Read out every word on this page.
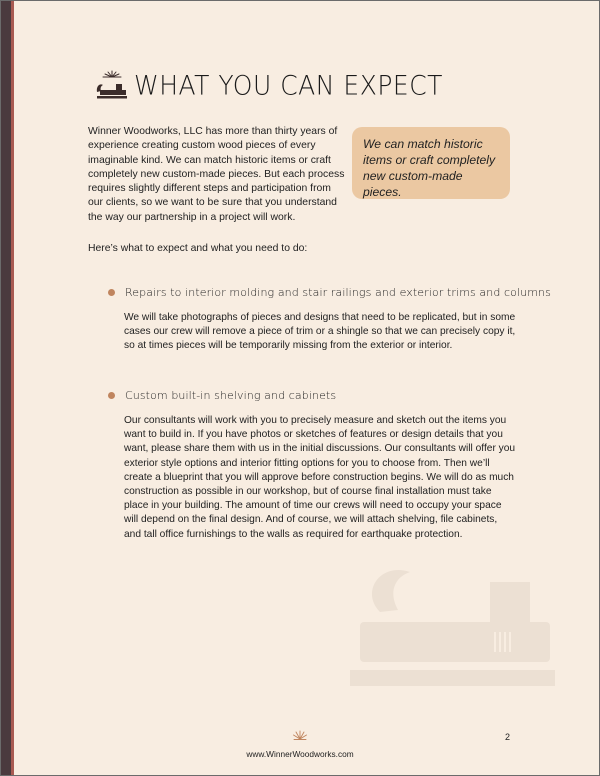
WHAT YOU CAN EXPECT

Winner Woodworks, LLC has more than thirty years of experience creating custom wood pieces of every imaginable kind. We can match historic items or craft completely new custom-made pieces. But each process requires slightly different steps and participation from our clients, so we want to be sure that you understand the way our partnership in a project will work.

We can match historic items or craft completely new custom-made pieces.

Here’s what to expect and what you need to do:

Repairs to interior molding and stair railings and exterior trims and columns

We will take photographs of pieces and designs that need to be replicated, but in some cases our crew will remove a piece of trim or a shingle so that we can precisely copy it, so at times pieces will be temporarily missing from the exterior or interior.

Custom built-in shelving and cabinets

Our consultants will work with you to precisely measure and sketch out the items you want to build in. If you have photos or sketches of features or design details that you want, please share them with us in the initial discussions. Our consultants will offer you exterior style options and interior fitting options for you to choose from. Then we’ll create a blueprint that you will approve before construction begins. We will do as much construction as possible in our workshop, but of course final installation must take place in your building. The amount of time our crews will need to occupy your space will depend on the final design. And of course, we will attach shelving, file cabinets, and tall office furnishings to the walls as required for earthquake protection.

2
www.WinnerWoodworks.com
